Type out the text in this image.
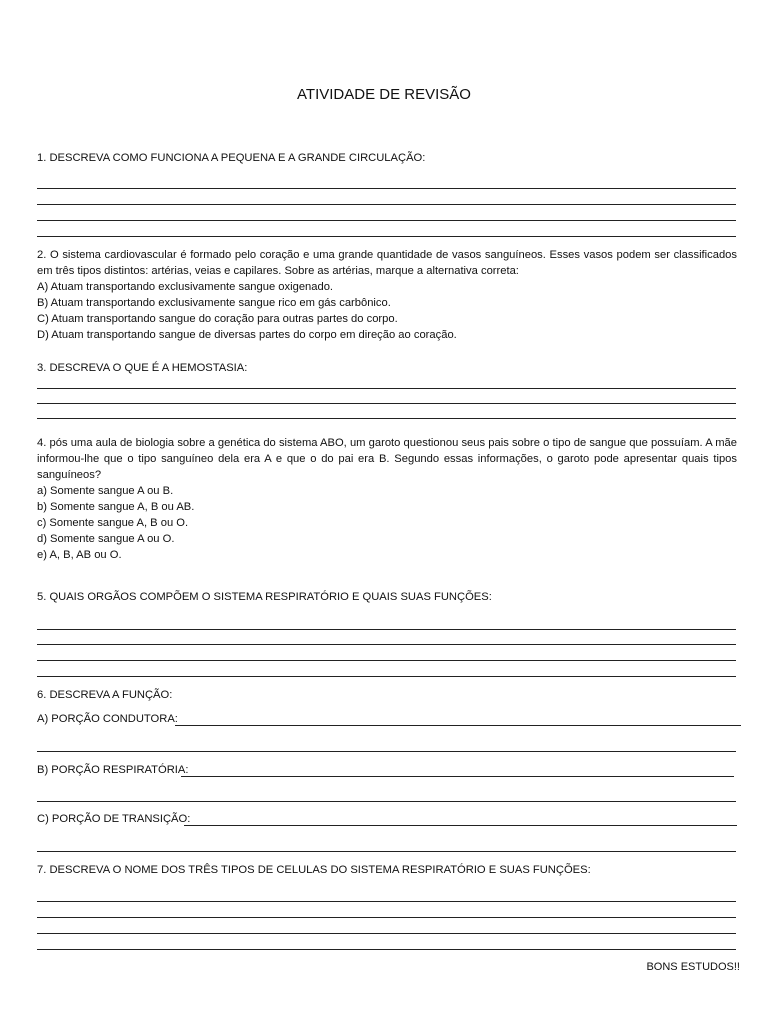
ATIVIDADE DE REVISÃO
1. DESCREVA COMO FUNCIONA A PEQUENA E A GRANDE CIRCULAÇÃO:
2. O sistema cardiovascular é formado pelo coração e uma grande quantidade de vasos sanguíneos. Esses vasos podem ser classificados em três tipos distintos: artérias, veias e capilares. Sobre as artérias, marque a alternativa correta:
A) Atuam transportando exclusivamente sangue oxigenado.
B) Atuam transportando exclusivamente sangue rico em gás carbônico.
C) Atuam transportando sangue do coração para outras partes do corpo.
D) Atuam transportando sangue de diversas partes do corpo em direção ao coração.
3. DESCREVA O QUE É A HEMOSTASIA:
4. pós uma aula de biologia sobre a genética do sistema ABO, um garoto questionou seus pais sobre o tipo de sangue que possuíam. A mãe informou-lhe que o tipo sanguíneo dela era A e que o do pai era B. Segundo essas informações, o garoto pode apresentar quais tipos sanguíneos?
a) Somente sangue A ou B.
b) Somente sangue A, B ou AB.
c) Somente sangue A, B ou O.
d) Somente sangue A ou O.
e) A, B, AB ou O.
5. QUAIS ORGÃOS COMPÕEM O SISTEMA RESPIRATÓRIO E QUAIS SUAS FUNÇÕES:
6. DESCREVA A FUNÇÃO:
A) PORÇÃO CONDUTORA:
B) PORÇÃO RESPIRATÓRIA:
C) PORÇÃO DE TRANSIÇÃO:
7. DESCREVA O NOME DOS TRÊS TIPOS DE CELULAS DO SISTEMA RESPIRATÓRIO E SUAS FUNÇÕES:
BONS ESTUDOS!!
